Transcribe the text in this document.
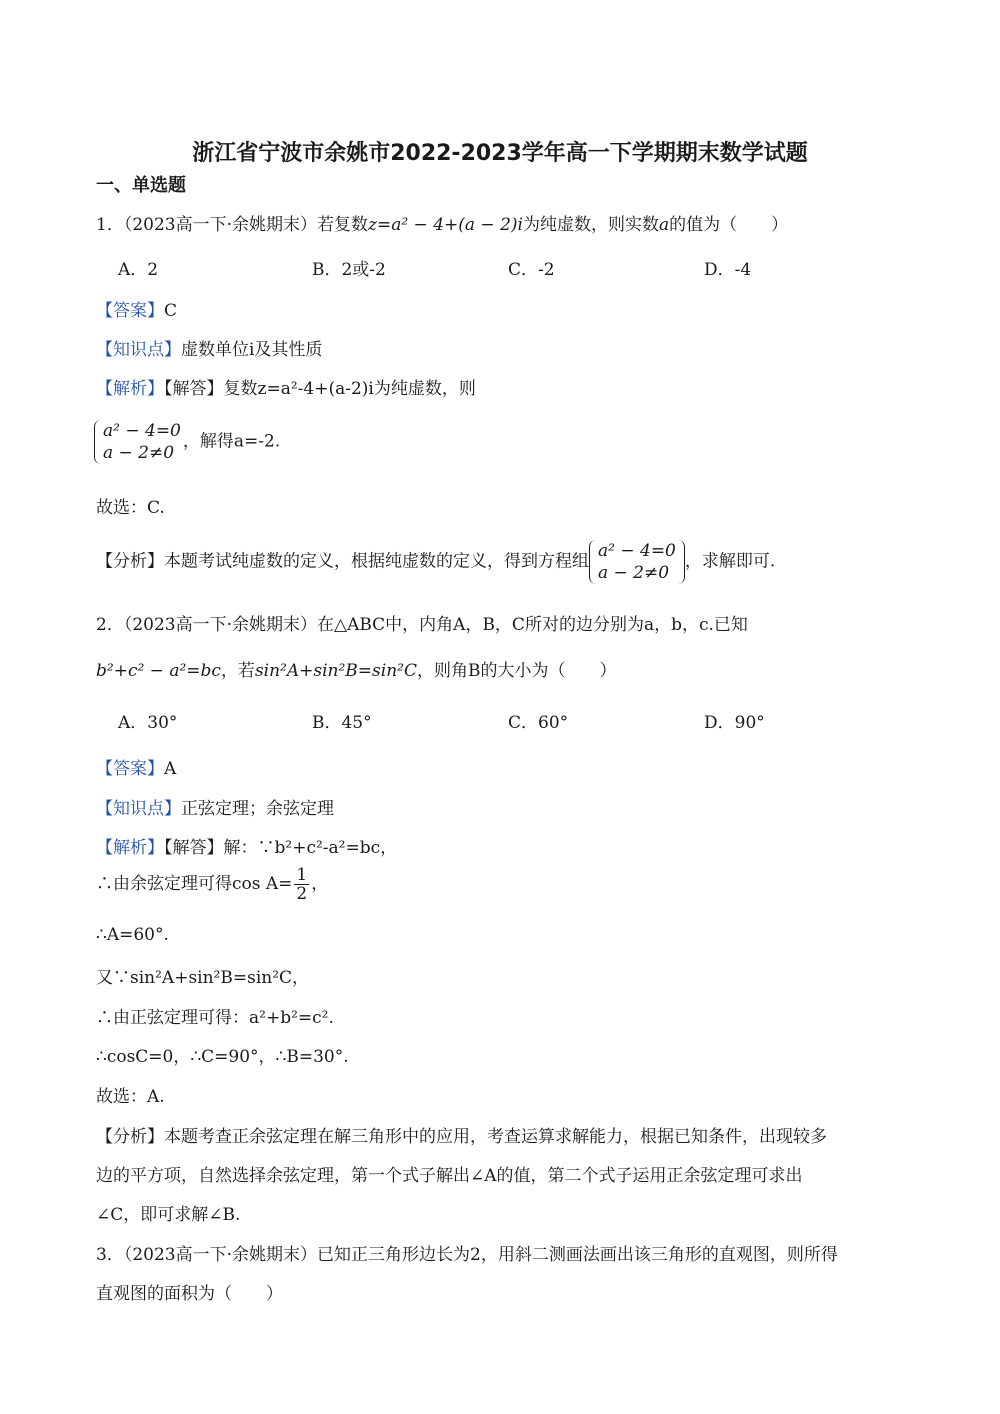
浙江省宁波市余姚市2022-2023学年高一下学期期末数学试题
一、单选题
1．（2023高一下·余姚期末）若复数z=a² − 4+(a − 2)i为纯虚数，则实数a的值为（　　）
A．2	B．2或-2	C．-2	D．-4
【答案】C
【知识点】虚数单位i及其性质
【解析】【解答】复数z=a²-4+(a-2)i为纯虚数，则
a² − 4=0
a − 2≠0
，解得a=-2.
故选：C.
【分析】本题考试纯虚数的定义，根据纯虚数的定义，得到方程组
a² − 4=0
a − 2≠0
，求解即可.
2．（2023高一下·余姚期末）在△ABC中，内角A，B，C所对的边分别为a，b，c.已知
b²+c² − a²=bc，若sin²A+sin²B=sin²C，则角B的大小为（　　）
A．30°	B．45°	C．60°	D．90°
【答案】A
【知识点】正弦定理；余弦定理
【解析】【解答】解：∵b²+c²-a²=bc，
∴由余弦定理可得$\cos A= \frac{1}{2}$ ，
∴A=60°.
又∵sin²A+sin²B=sin²C，
∴由正弦定理可得：a²+b²=c².
∴cosC=0，∴C=90°，∴B=30°.
故选：A.
【分析】本题考查正余弦定理在解三角形中的应用，考查运算求解能力，根据已知条件，出现较多
边的平方项，自然选择余弦定理，第一个式子解出∠A的值，第二个式子运用正余弦定理可求出
∠C，即可求解∠B.
3．（2023高一下·余姚期末）已知正三角形边长为2，用斜二测画法画出该三角形的直观图，则所得
直观图的面积为（　　）
